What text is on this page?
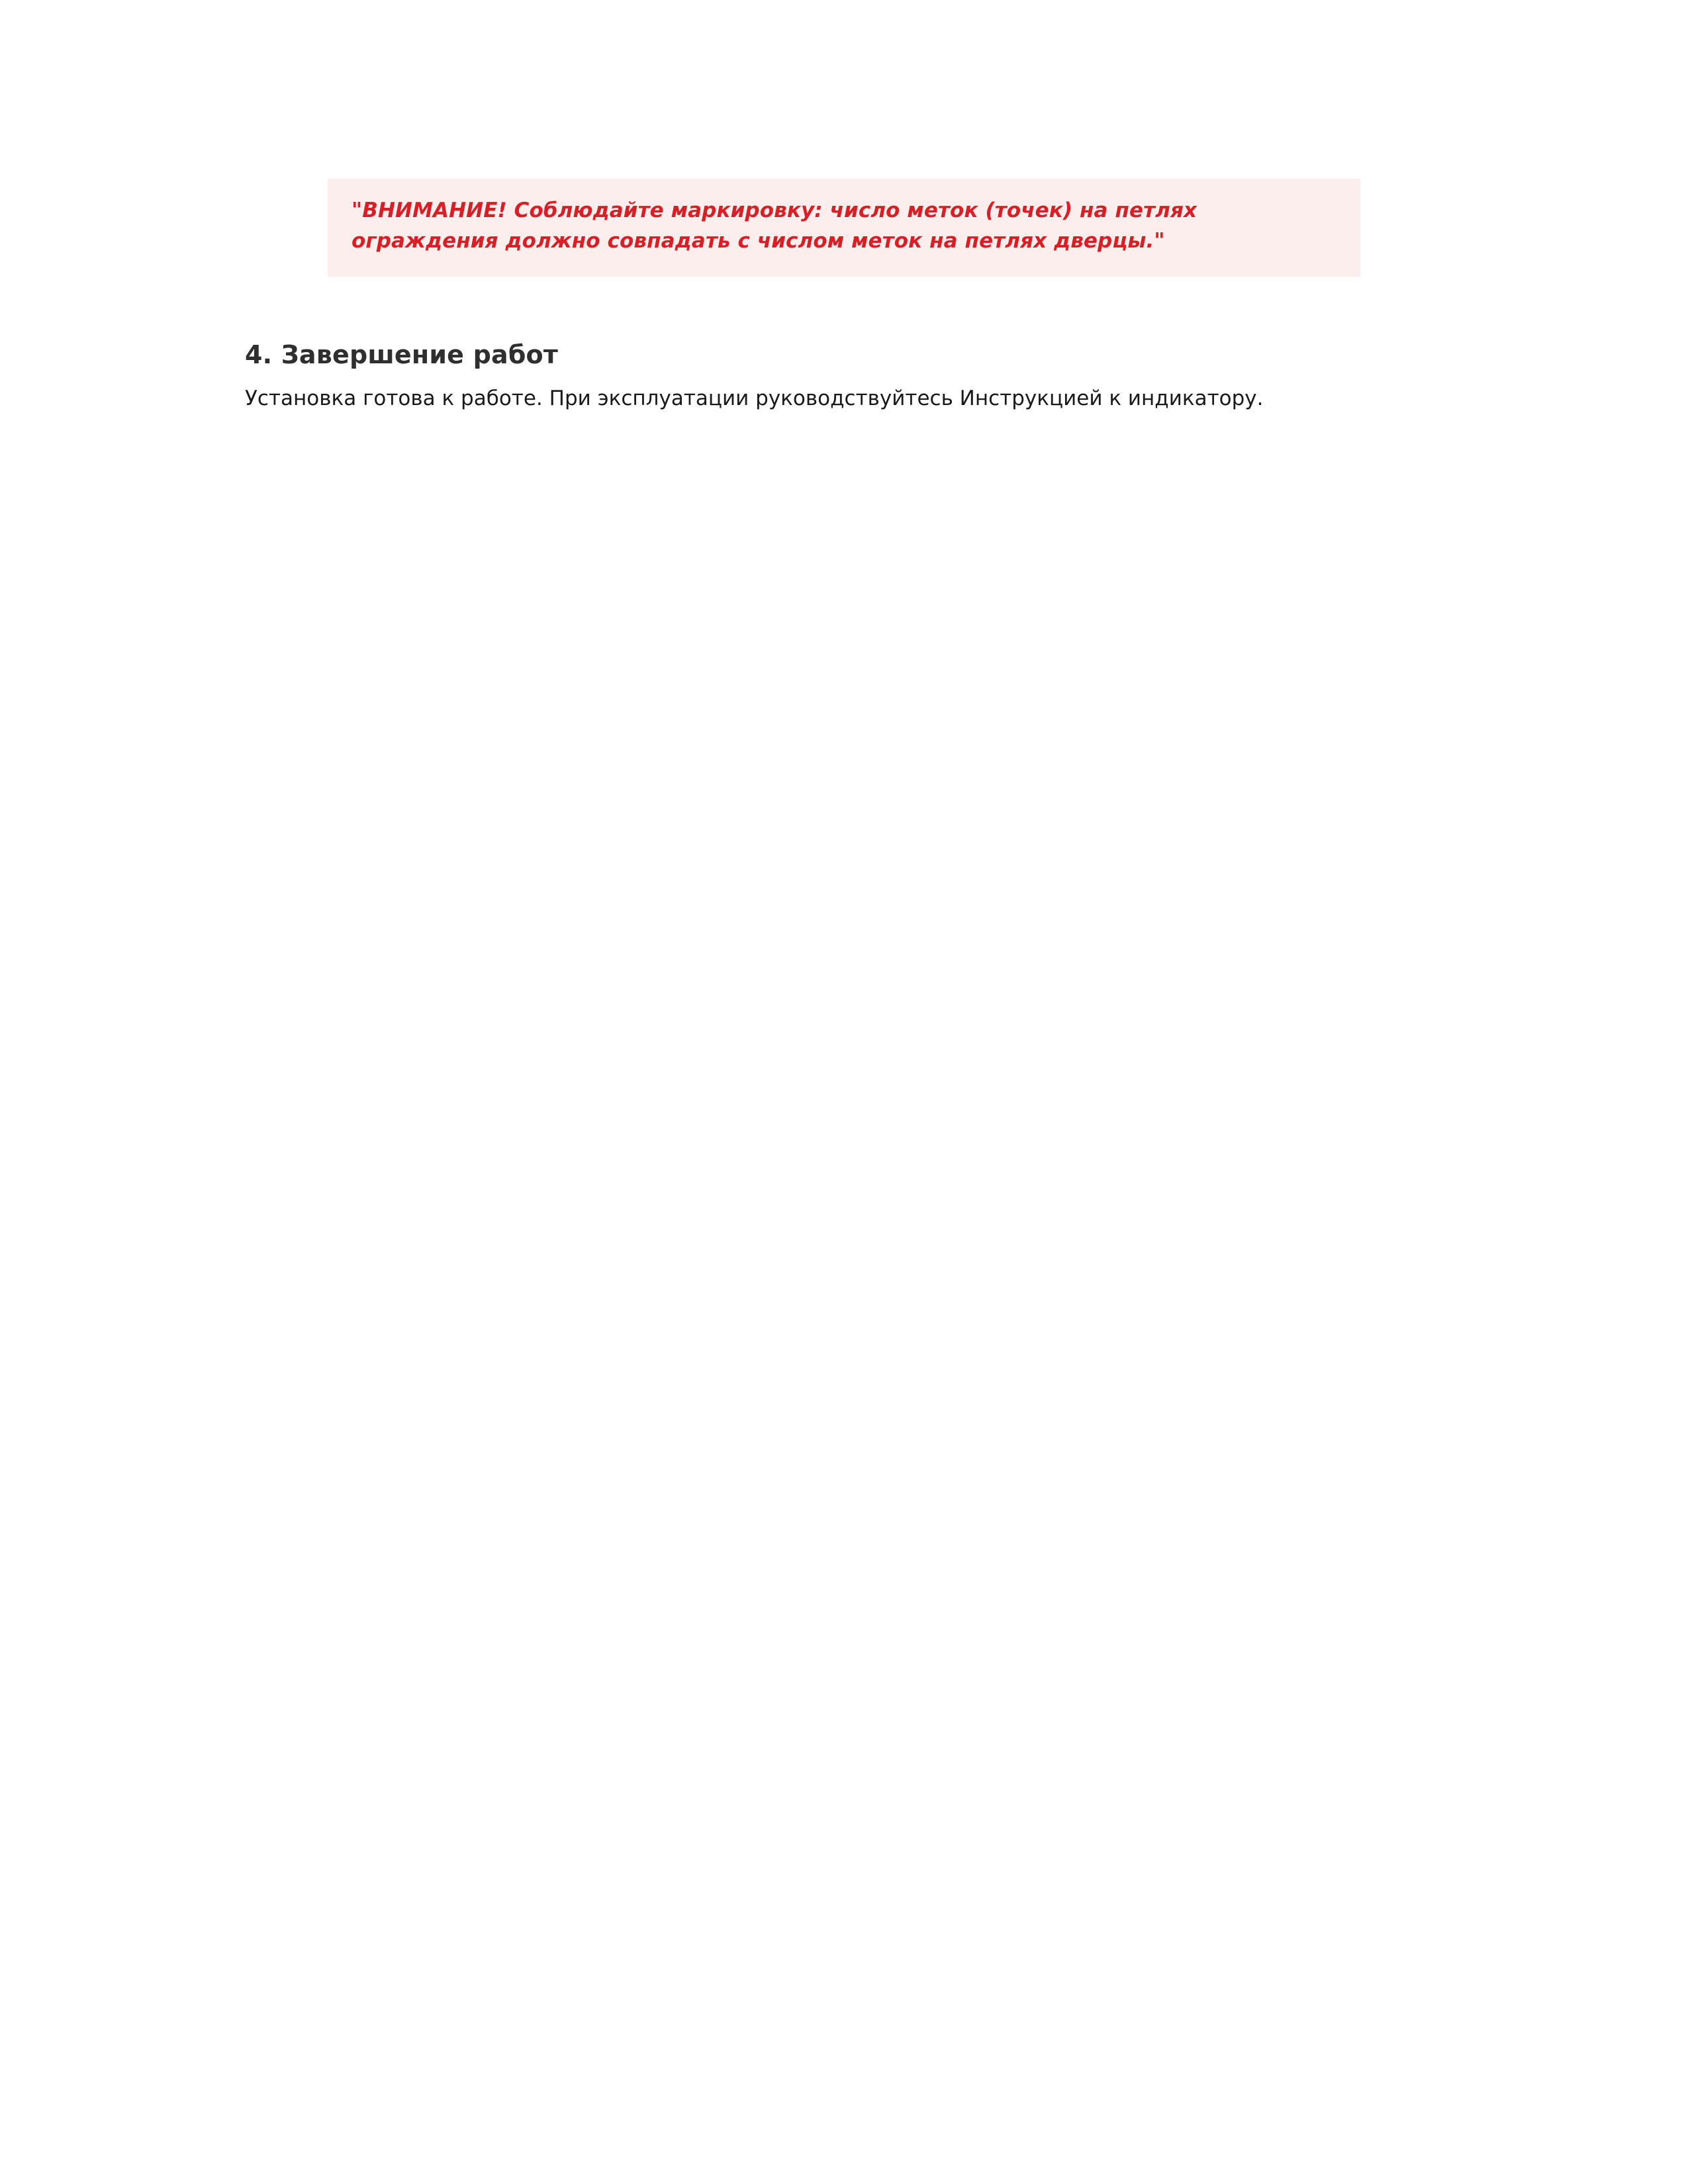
"ВНИМАНИЕ! Соблюдайте маркировку: число меток (точек) на петлях ограждения должно совпадать с числом меток на петлях дверцы."

4. Завершение работ

Установка готова к работе. При эксплуатации руководствуйтесь Инструкцией к индикатору.
